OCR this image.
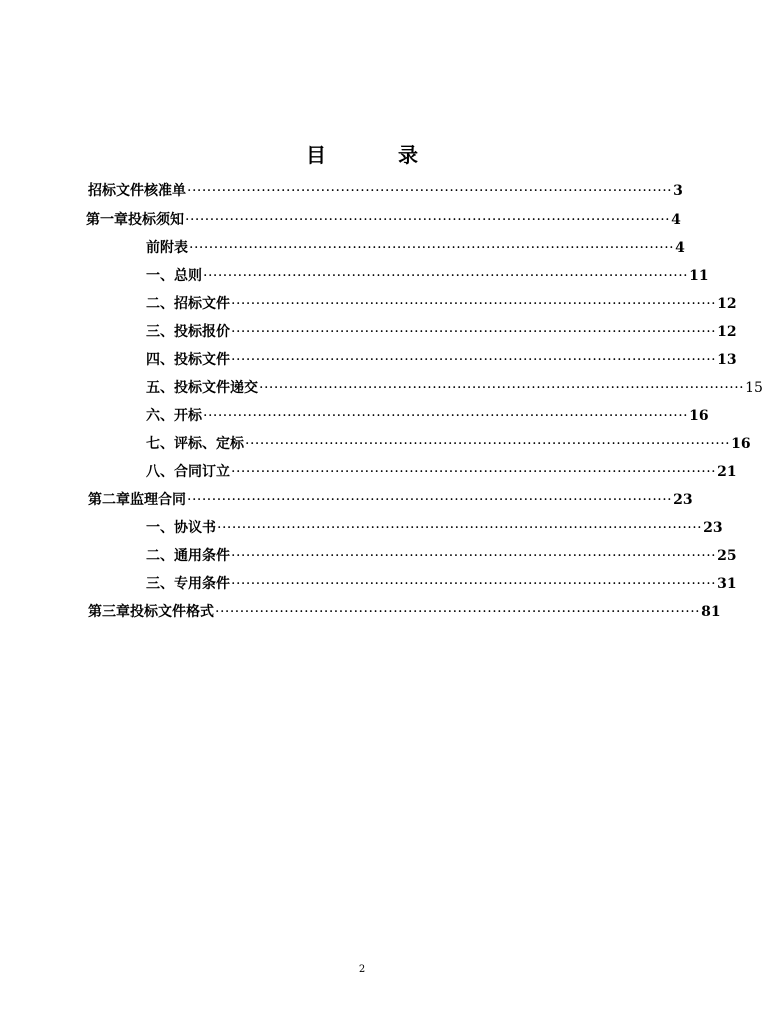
目	录
招标文件核准单 ·································································································· 3
第一章 投标须知 ·································································································· 4
前附表 ·································································································· 4
一、总则 ·································································································· 11
二、招标文件 ·································································································· 12
三、投标报价 ·································································································· 12
四、投标文件 ·································································································· 13
五、投标文件递交 ·································································································· 15
六、开标 ·································································································· 16
七、评标、定标 ·································································································· 16
八、合同订立 ·································································································· 21
第二章 监理合同 ·································································································· 23
一、协议书 ·································································································· 23
二、通用条件 ·································································································· 25
三、专用条件 ·································································································· 31
第三章 投标文件格式 ·································································································· 81
2
